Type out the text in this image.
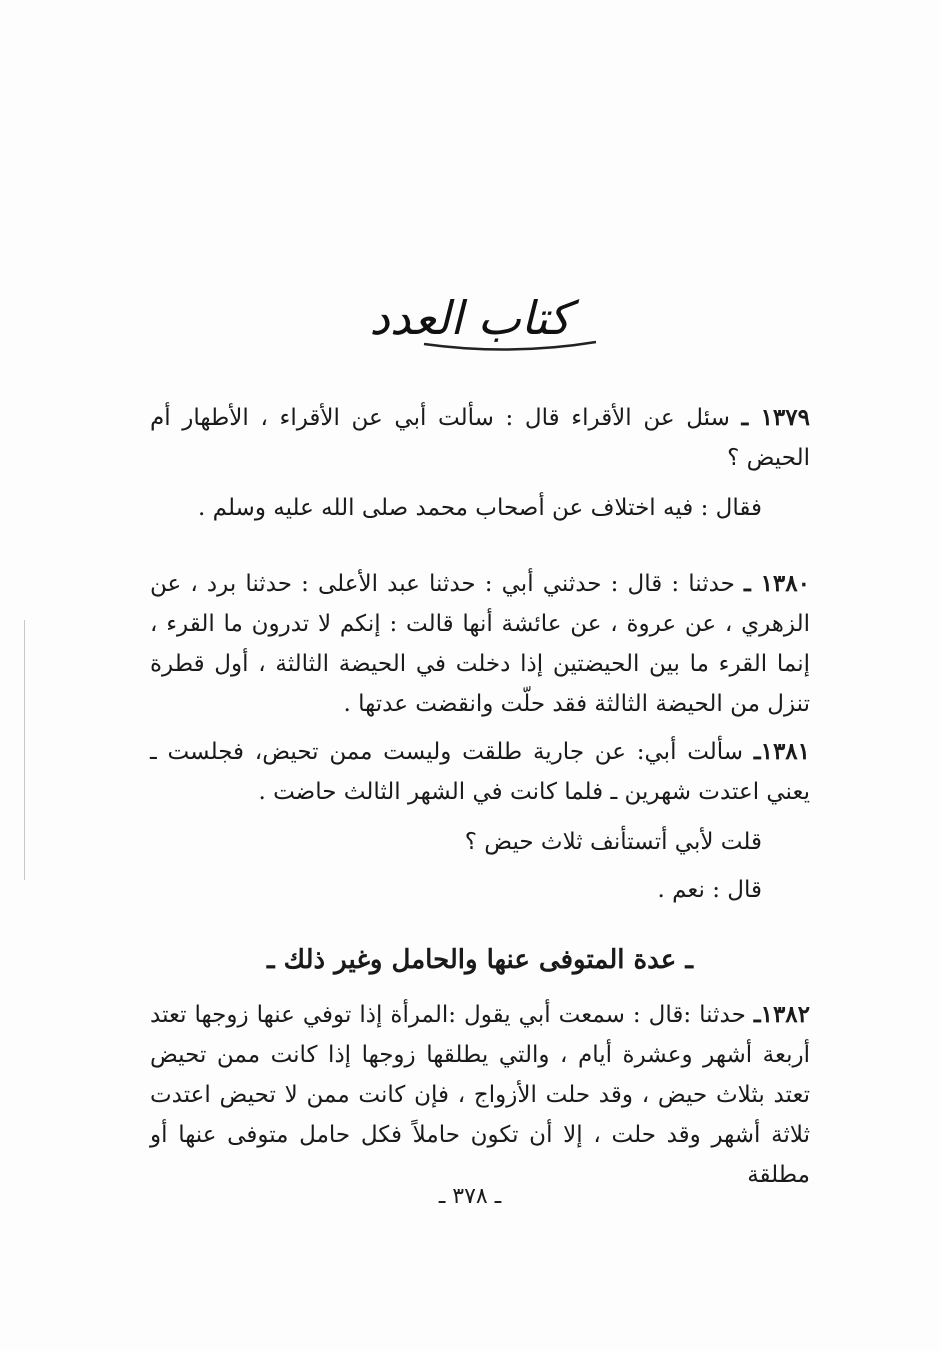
كتاب العدد

١٣٧٩ ـ سئل عن الأقراء قال : سألت أبي عن الأقراء ، الأطهار أم الحيض ؟

فقال : فيه اختلاف عن أصحاب محمد صلى الله عليه وسلم .

١٣٨٠ ـ حدثنا : قال : حدثني أبي : حدثنا عبد الأعلى : حدثنا برد ، عن الزهري ، عن عروة ، عن عائشة أنها قالت : إنكم لا تدرون ما القرء ، إنما القرء ما بين الحيضتين إذا دخلت في الحيضة الثالثة ، أول قطرة تنزل من الحيضة الثالثة فقد حلّت وانقضت عدتها .

١٣٨١ـ سألت أبي: عن جارية طلقت وليست ممن تحيض، فجلست ـ يعني اعتدت شهرين ـ فلما كانت في الشهر الثالث حاضت .

قلت لأبي أتستأنف ثلاث حيض ؟

قال : نعم .

ـ عدة المتوفى عنها والحامل وغير ذلك ـ

١٣٨٢ـ حدثنا :قال : سمعت أبي يقول :المرأة إذا توفي عنها زوجها تعتد أربعة أشهر وعشرة أيام ، والتي يطلقها زوجها إذا كانت ممن تحيض تعتد بثلاث حيض ، وقد حلت الأزواج ، فإن كانت ممن لا تحيض اعتدت ثلاثة أشهر وقد حلت ، إلا أن تكون حاملاً فكل حامل متوفى عنها أو مطلقة

ـ ٣٧٨ ـ
